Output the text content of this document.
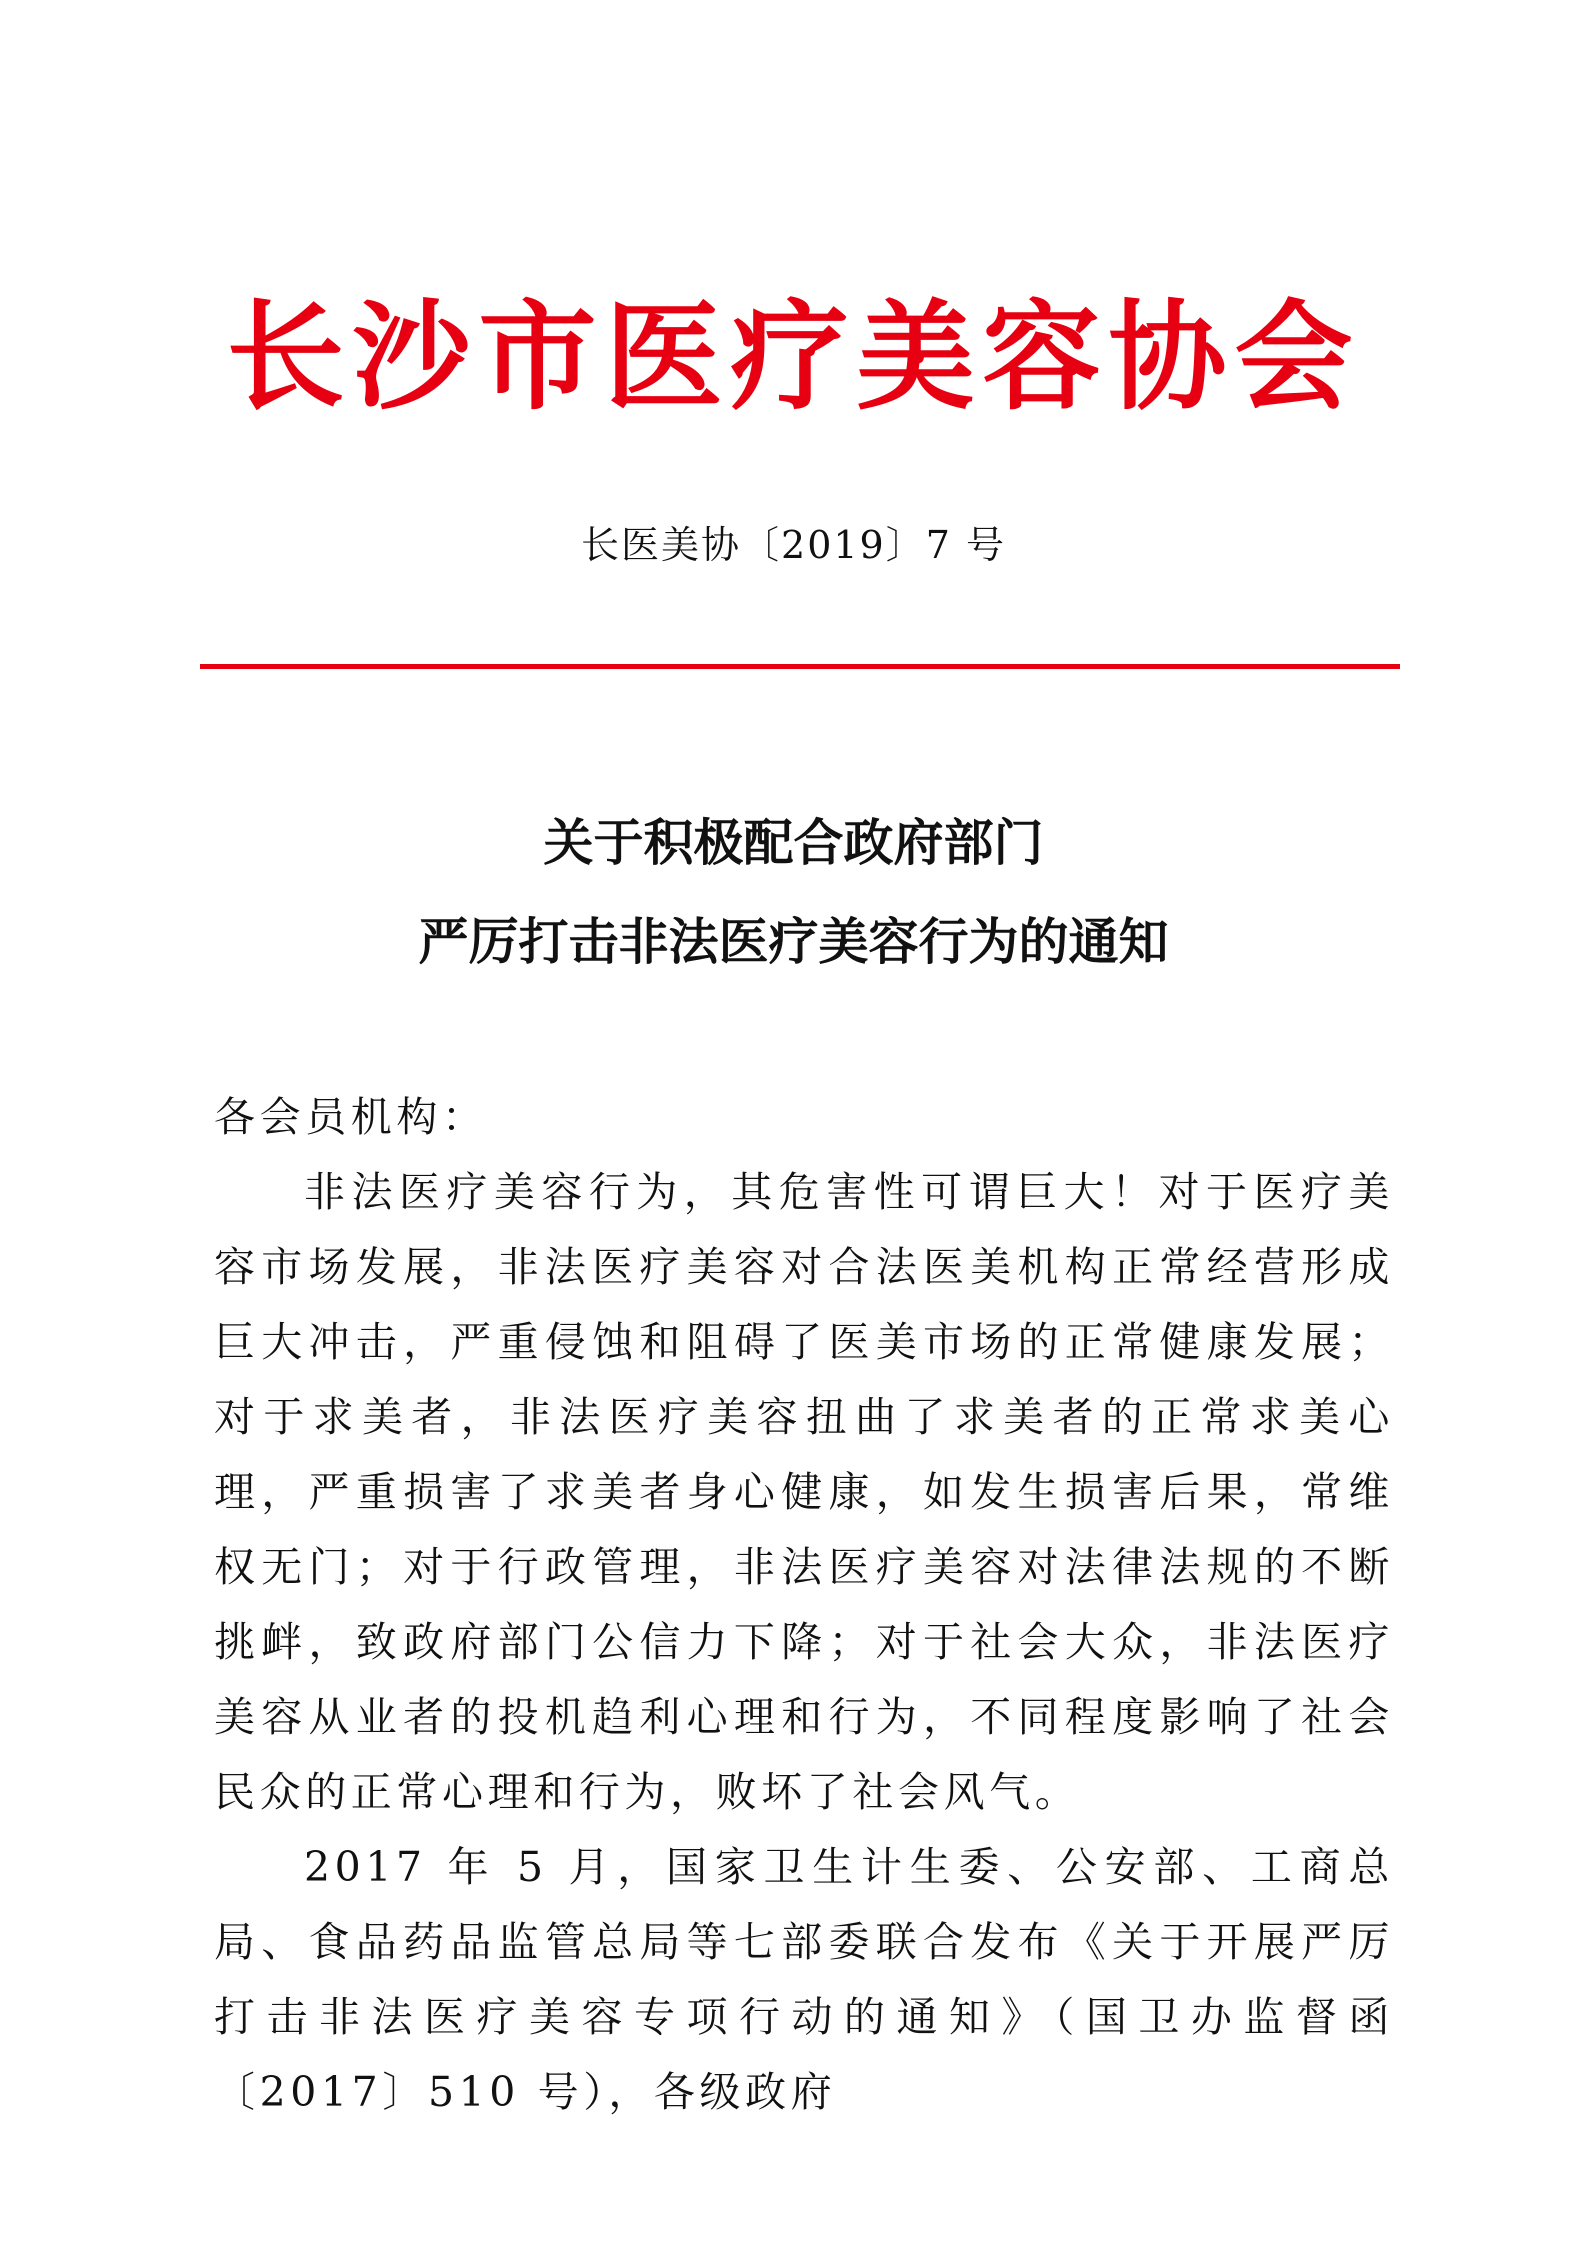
长沙市医疗美容协会
长医美协〔2019〕7 号
关于积极配合政府部门
严厉打击非法医疗美容行为的通知

各会员机构：

非法医疗美容行为，其危害性可谓巨大！对于医疗美容市场发展，非法医疗美容对合法医美机构正常经营形成巨大冲击，严重侵蚀和阻碍了医美市场的正常健康发展；对于求美者，非法医疗美容扭曲了求美者的正常求美心理，严重损害了求美者身心健康，如发生损害后果，常维权无门；对于行政管理，非法医疗美容对法律法规的不断挑衅，致政府部门公信力下降；对于社会大众，非法医疗美容从业者的投机趋利心理和行为，不同程度影响了社会民众的正常心理和行为，败坏了社会风气。

2017 年 5 月，国家卫生计生委、公安部、工商总局、食品药品监管总局等七部委联合发布《关于开展严厉打击非法医疗美容专项行动的通知》（国卫办监督函〔2017〕510 号），各级政府
